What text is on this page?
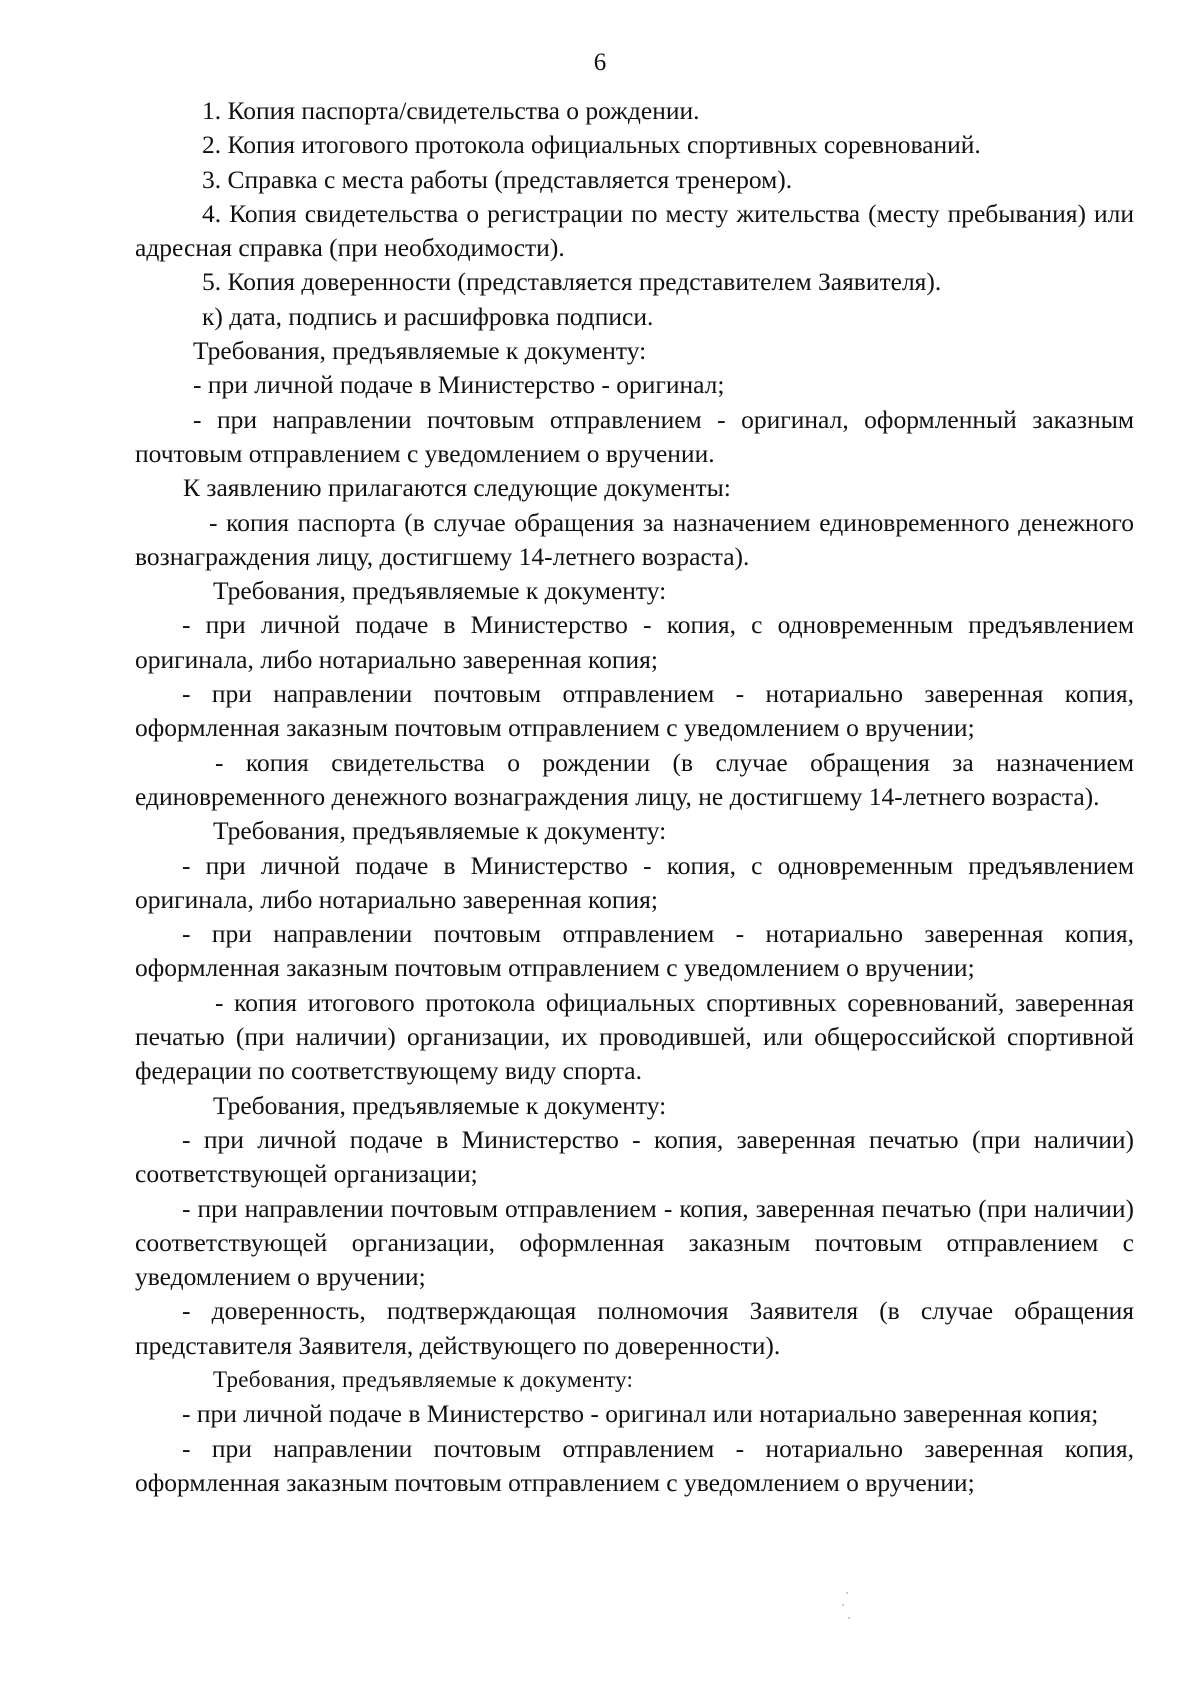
6

1. Копия паспорта/свидетельства о рождении.

2. Копия итогового протокола официальных спортивных соревнований.

3. Справка с места работы (представляется тренером).

4. Копия свидетельства о регистрации по месту жительства (месту пребывания) или адресная справка (при необходимости).

5. Копия доверенности (представляется представителем Заявителя).

к) дата, подпись и расшифровка подписи.

Требования, предъявляемые к документу:

- при личной подаче в Министерство - оригинал;

- при направлении почтовым отправлением - оригинал, оформленный заказным почтовым отправлением с уведомлением о вручении.

К заявлению прилагаются следующие документы:

- копия паспорта (в случае обращения за назначением единовременного денежного вознаграждения лицу, достигшему 14-летнего возраста).

Требования, предъявляемые к документу:

- при личной подаче в Министерство - копия, с одновременным предъявлением оригинала, либо нотариально заверенная копия;

- при направлении почтовым отправлением - нотариально заверенная копия, оформленная заказным почтовым отправлением с уведомлением о вручении;

- копия свидетельства о рождении (в случае обращения за назначением единовременного денежного вознаграждения лицу, не достигшему 14-летнего возраста).

Требования, предъявляемые к документу:

- при личной подаче в Министерство - копия, с одновременным предъявлением оригинала, либо нотариально заверенная копия;

- при направлении почтовым отправлением - нотариально заверенная копия, оформленная заказным почтовым отправлением с уведомлением о вручении;

- копия итогового протокола официальных спортивных соревнований, заверенная печатью (при наличии) организации, их проводившей, или общероссийской спортивной федерации по соответствующему виду спорта.

Требования, предъявляемые к документу:

- при личной подаче в Министерство - копия, заверенная печатью (при наличии) соответствующей организации;

- при направлении почтовым отправлением - копия, заверенная печатью (при наличии) соответствующей организации, оформленная заказным почтовым отправлением с уведомлением о вручении;

- доверенность, подтверждающая полномочия Заявителя (в случае обращения представителя Заявителя, действующего по доверенности).

Требования, предъявляемые к документу:

- при личной подаче в Министерство - оригинал или нотариально заверенная копия;

- при направлении почтовым отправлением - нотариально заверенная копия, оформленная заказным почтовым отправлением с уведомлением о вручении;
